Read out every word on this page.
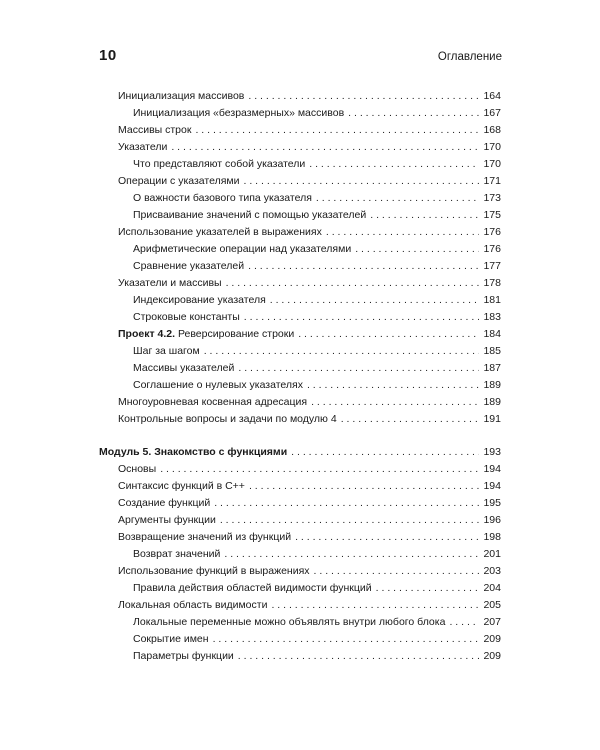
10	Оглавление
Инициализация массивов . . .	164
Инициализация «безразмерных» массивов . . .	167
Массивы строк . . .	168
Указатели . . .	170
Что представляют собой указатели . . .	170
Операции с указателями . . .	171
О важности базового типа указателя . . .	173
Присваивание значений с помощью указателей . . .	175
Использование указателей в выражениях . . .	176
Арифметические операции над указателями . . .	176
Сравнение указателей . . .	177
Указатели и массивы . . .	178
Индексирование указателя . . .	181
Строковые константы . . .	183
Проект 4.2. Реверсирование строки . . .	184
Шаг за шагом . . .	185
Массивы указателей . . .	187
Соглашение о нулевых указателях . . .	189
Многоуровневая косвенная адресация . . .	189
Контрольные вопросы и задачи по модулю 4 . . .	191
Модуль 5. Знакомство с функциями . . .	193
Основы . . .	194
Синтаксис функций в С++ . . .	194
Создание функций . . .	195
Аргументы функции . . .	196
Возвращение значений из функций . . .	198
Возврат значений . . .	201
Использование функций в выражениях . . .	203
Правила действия областей видимости функций . . .	204
Локальная область видимости . . .	205
Локальные переменные можно объявлять внутри любого блока . . .	207
Сокрытие имен . . .	209
Параметры функции . . .	209
